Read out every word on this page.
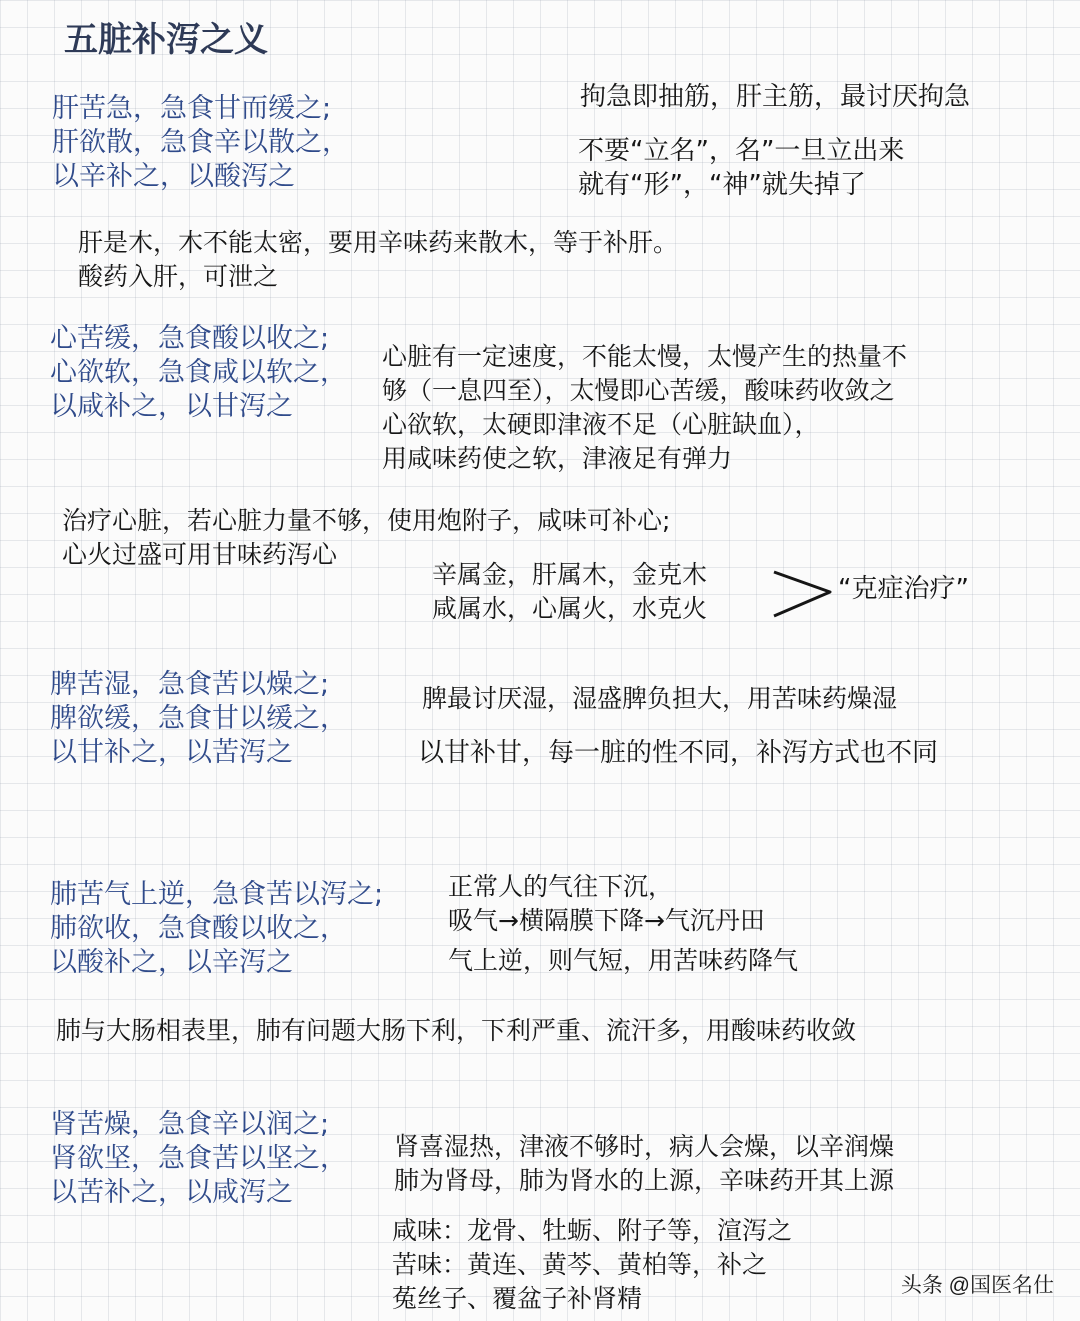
五脏补泻之义
肝苦急，急食甘而缓之;
肝欲散，急食辛以散之，
以辛补之，以酸泻之
拘急即抽筋，肝主筋，最讨厌拘急
不要“立名”，名”一旦立出来
就有“形”，“神”就失掉了
肝是木，木不能太密，要用辛味药来散木，等于补肝。
酸药入肝，可泄之
心苦缓，急食酸以收之;
心欲软，急食咸以软之，
以咸补之，以甘泻之
心脏有一定速度，不能太慢，太慢产生的热量不
够（一息四至），太慢即心苦缓，酸味药收敛之
心欲软，太硬即津液不足（心脏缺血），
用咸味药使之软，津液足有弹力
治疗心脏，若心脏力量不够，使用炮附子，咸味可补心;
心火过盛可用甘味药泻心
辛属金，肝属木，金克木
咸属水，心属火，水克火
“克症治疗”
脾苦湿，急食苦以燥之;
脾欲缓，急食甘以缓之，
以甘补之，以苦泻之
脾最讨厌湿，湿盛脾负担大，用苦味药燥湿
以甘补甘，每一脏的性不同，补泻方式也不同
肺苦气上逆，急食苦以泻之;
肺欲收，急食酸以收之，
以酸补之，以辛泻之
正常人的气往下沉，
吸气→横隔膜下降→气沉丹田
气上逆，则气短，用苦味药降气
肺与大肠相表里，肺有问题大肠下利，下利严重、流汗多，用酸味药收敛
肾苦燥，急食辛以润之;
肾欲坚，急食苦以坚之，
以苦补之，以咸泻之
肾喜湿热，津液不够时，病人会燥，以辛润燥
肺为肾母，肺为肾水的上源，辛味药开其上源
咸味：龙骨、牡蛎、附子等，渲泻之
苦味：黄连、黄芩、黄柏等，补之
菟丝子、覆盆子补肾精	头条 @国医名仕
